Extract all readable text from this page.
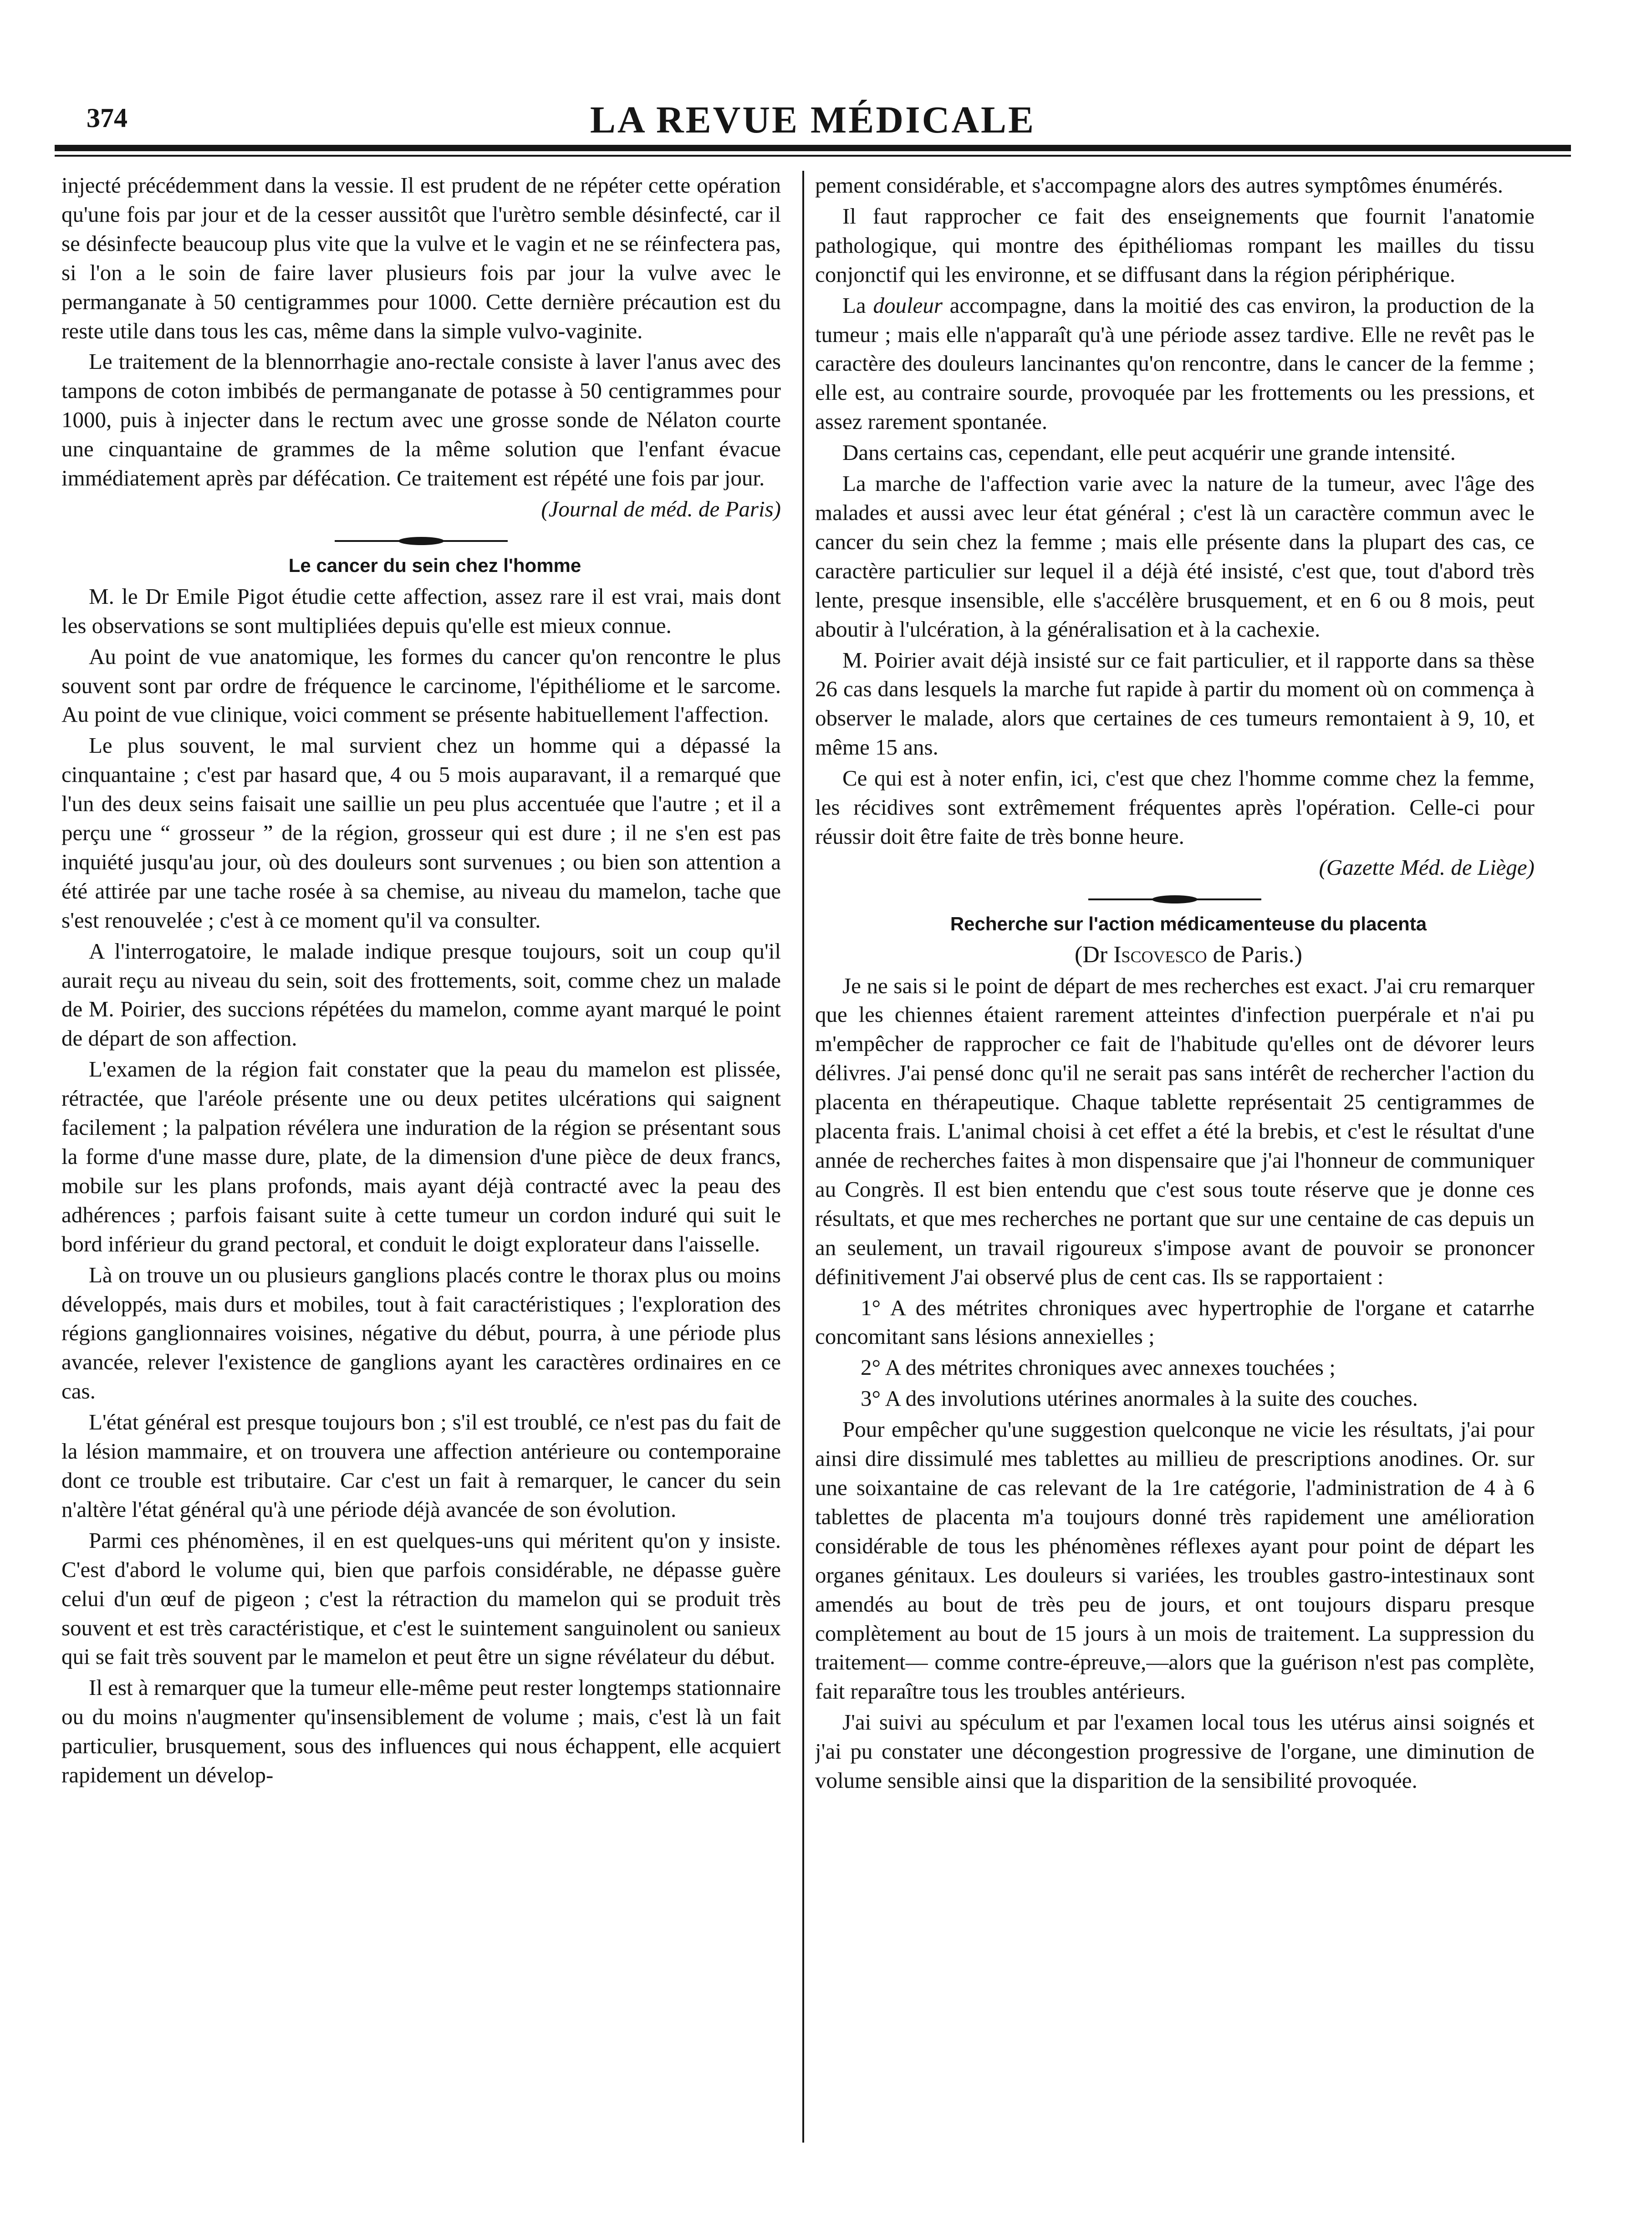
374	LA REVUE MÉDICALE

injecté précédemment dans la vessie. Il est prudent de ne répéter cette opération qu'une fois par jour et de la cesser aussitôt que l'urètro semble désinfecté, car il se désinfecte beaucoup plus vite que la vulve et le vagin et ne se réinfectera pas, si l'on a le soin de faire laver plusieurs fois par jour la vulve avec le permanganate à 50 centigrammes pour 1000. Cette dernière précaution est du reste utile dans tous les cas, même dans la simple vulvo-vaginite.

Le traitement de la blennorrhagie ano-rectale consiste à laver l'anus avec des tampons de coton imbibés de permanganate de potasse à 50 centigrammes pour 1000, puis à injecter dans le rectum avec une grosse sonde de Nélaton courte une cinquantaine de grammes de la même solution que l'enfant évacue immédiatement après par défécation. Ce traitement est répété une fois par jour.

(Journal de méd. de Paris)

Le cancer du sein chez l'homme

M. le Dr Emile Pigot étudie cette affection, assez rare il est vrai, mais dont les observations se sont multipliées depuis qu'elle est mieux connue.

Au point de vue anatomique, les formes du cancer qu'on rencontre le plus souvent sont par ordre de fréquence le carcinome, l'épithéliome et le sarcome. Au point de vue clinique, voici comment se présente habituellement l'affection.

Le plus souvent, le mal survient chez un homme qui a dépassé la cinquantaine ; c'est par hasard que, 4 ou 5 mois auparavant, il a remarqué que l'un des deux seins faisait une saillie un peu plus accentuée que l'autre ; et il a perçu une “ grosseur ” de la région, grosseur qui est dure ; il ne s'en est pas inquiété jusqu'au jour, où des douleurs sont survenues ; ou bien son attention a été attirée par une tache rosée à sa chemise, au niveau du mamelon, tache que s'est renouvelée ; c'est à ce moment qu'il va consulter.

A l'interrogatoire, le malade indique presque toujours, soit un coup qu'il aurait reçu au niveau du sein, soit des frottements, soit, comme chez un malade de M. Poirier, des succions répétées du mamelon, comme ayant marqué le point de départ de son affection.

L'examen de la région fait constater que la peau du mamelon est plissée, rétractée, que l'aréole présente une ou deux petites ulcérations qui saignent facilement ; la palpation révélera une induration de la région se présentant sous la forme d'une masse dure, plate, de la dimension d'une pièce de deux francs, mobile sur les plans profonds, mais ayant déjà contracté avec la peau des adhérences ; parfois faisant suite à cette tumeur un cordon induré qui suit le bord inférieur du grand pectoral, et conduit le doigt explorateur dans l'aisselle.

Là on trouve un ou plusieurs ganglions placés contre le thorax plus ou moins développés, mais durs et mobiles, tout à fait caractéristiques ; l'exploration des régions ganglionnaires voisines, négative du début, pourra, à une période plus avancée, relever l'existence de ganglions ayant les caractères ordinaires en ce cas.

L'état général est presque toujours bon ; s'il est troublé, ce n'est pas du fait de la lésion mammaire, et on trouvera une affection antérieure ou contemporaine dont ce trouble est tributaire. Car c'est un fait à remarquer, le cancer du sein n'altère l'état général qu'à une période déjà avancée de son évolution.

Parmi ces phénomènes, il en est quelques-uns qui méritent qu'on y insiste. C'est d'abord le volume qui, bien que parfois considérable, ne dépasse guère celui d'un œuf de pigeon ; c'est la rétraction du mamelon qui se produit très souvent et est très caractéristique, et c'est le suintement sanguinolent ou sanieux qui se fait très souvent par le mamelon et peut être un signe révélateur du début.

Il est à remarquer que la tumeur elle-même peut rester longtemps stationnaire ou du moins n'augmenter qu'insensiblement de volume ; mais, c'est là un fait particulier, brusquement, sous des influences qui nous échappent, elle acquiert rapidement un dévelop-

pement considérable, et s'accompagne alors des autres symptômes énumérés.

Il faut rapprocher ce fait des enseignements que fournit l'anatomie pathologique, qui montre des épithéliomas rompant les mailles du tissu conjonctif qui les environne, et se diffusant dans la région périphérique.

La douleur accompagne, dans la moitié des cas environ, la production de la tumeur ; mais elle n'apparaît qu'à une période assez tardive. Elle ne revêt pas le caractère des douleurs lancinantes qu'on rencontre, dans le cancer de la femme ; elle est, au contraire sourde, provoquée par les frottements ou les pressions, et assez rarement spontanée.

Dans certains cas, cependant, elle peut acquérir une grande intensité.

La marche de l'affection varie avec la nature de la tumeur, avec l'âge des malades et aussi avec leur état général ; c'est là un caractère commun avec le cancer du sein chez la femme ; mais elle présente dans la plupart des cas, ce caractère particulier sur lequel il a déjà été insisté, c'est que, tout d'abord très lente, presque insensible, elle s'accélère brusquement, et en 6 ou 8 mois, peut aboutir à l'ulcération, à la généralisation et à la cachexie.

M. Poirier avait déjà insisté sur ce fait particulier, et il rapporte dans sa thèse 26 cas dans lesquels la marche fut rapide à partir du moment où on commença à observer le malade, alors que certaines de ces tumeurs remontaient à 9, 10, et même 15 ans.

Ce qui est à noter enfin, ici, c'est que chez l'homme comme chez la femme, les récidives sont extrêmement fréquentes après l'opération. Celle-ci pour réussir doit être faite de très bonne heure.

(Gazette Méd. de Liège)

Recherche sur l'action médicamenteuse du placenta

(Dr Iscovesco de Paris.)

Je ne sais si le point de départ de mes recherches est exact. J'ai cru remarquer que les chiennes étaient rarement atteintes d'infection puerpérale et n'ai pu m'empêcher de rapprocher ce fait de l'habitude qu'elles ont de dévorer leurs délivres. J'ai pensé donc qu'il ne serait pas sans intérêt de rechercher l'action du placenta en thérapeutique. Chaque tablette représentait 25 centigrammes de placenta frais. L'animal choisi à cet effet a été la brebis, et c'est le résultat d'une année de recherches faites à mon dispensaire que j'ai l'honneur de communiquer au Congrès. Il est bien entendu que c'est sous toute réserve que je donne ces résultats, et que mes recherches ne portant que sur une centaine de cas depuis un an seulement, un travail rigoureux s'impose avant de pouvoir se prononcer définitivement J'ai observé plus de cent cas. Ils se rapportaient :

1° A des métrites chroniques avec hypertrophie de l'organe et catarrhe concomitant sans lésions annexielles ;

2° A des métrites chroniques avec annexes touchées ;

3° A des involutions utérines anormales à la suite des couches.

Pour empêcher qu'une suggestion quelconque ne vicie les résultats, j'ai pour ainsi dire dissimulé mes tablettes au millieu de prescriptions anodines. Or. sur une soixantaine de cas relevant de la 1re catégorie, l'administration de 4 à 6 tablettes de placenta m'a toujours donné très rapidement une amélioration considérable de tous les phénomènes réflexes ayant pour point de départ les organes génitaux. Les douleurs si variées, les troubles gastro-intestinaux sont amendés au bout de très peu de jours, et ont toujours disparu presque complètement au bout de 15 jours à un mois de traitement. La suppression du traitement— comme contre-épreuve,—alors que la guérison n'est pas complète, fait reparaître tous les troubles antérieurs.

J'ai suivi au spéculum et par l'examen local tous les utérus ainsi soignés et j'ai pu constater une décongestion progressive de l'organe, une diminution de volume sensible ainsi que la disparition de la sensibilité provoquée.
